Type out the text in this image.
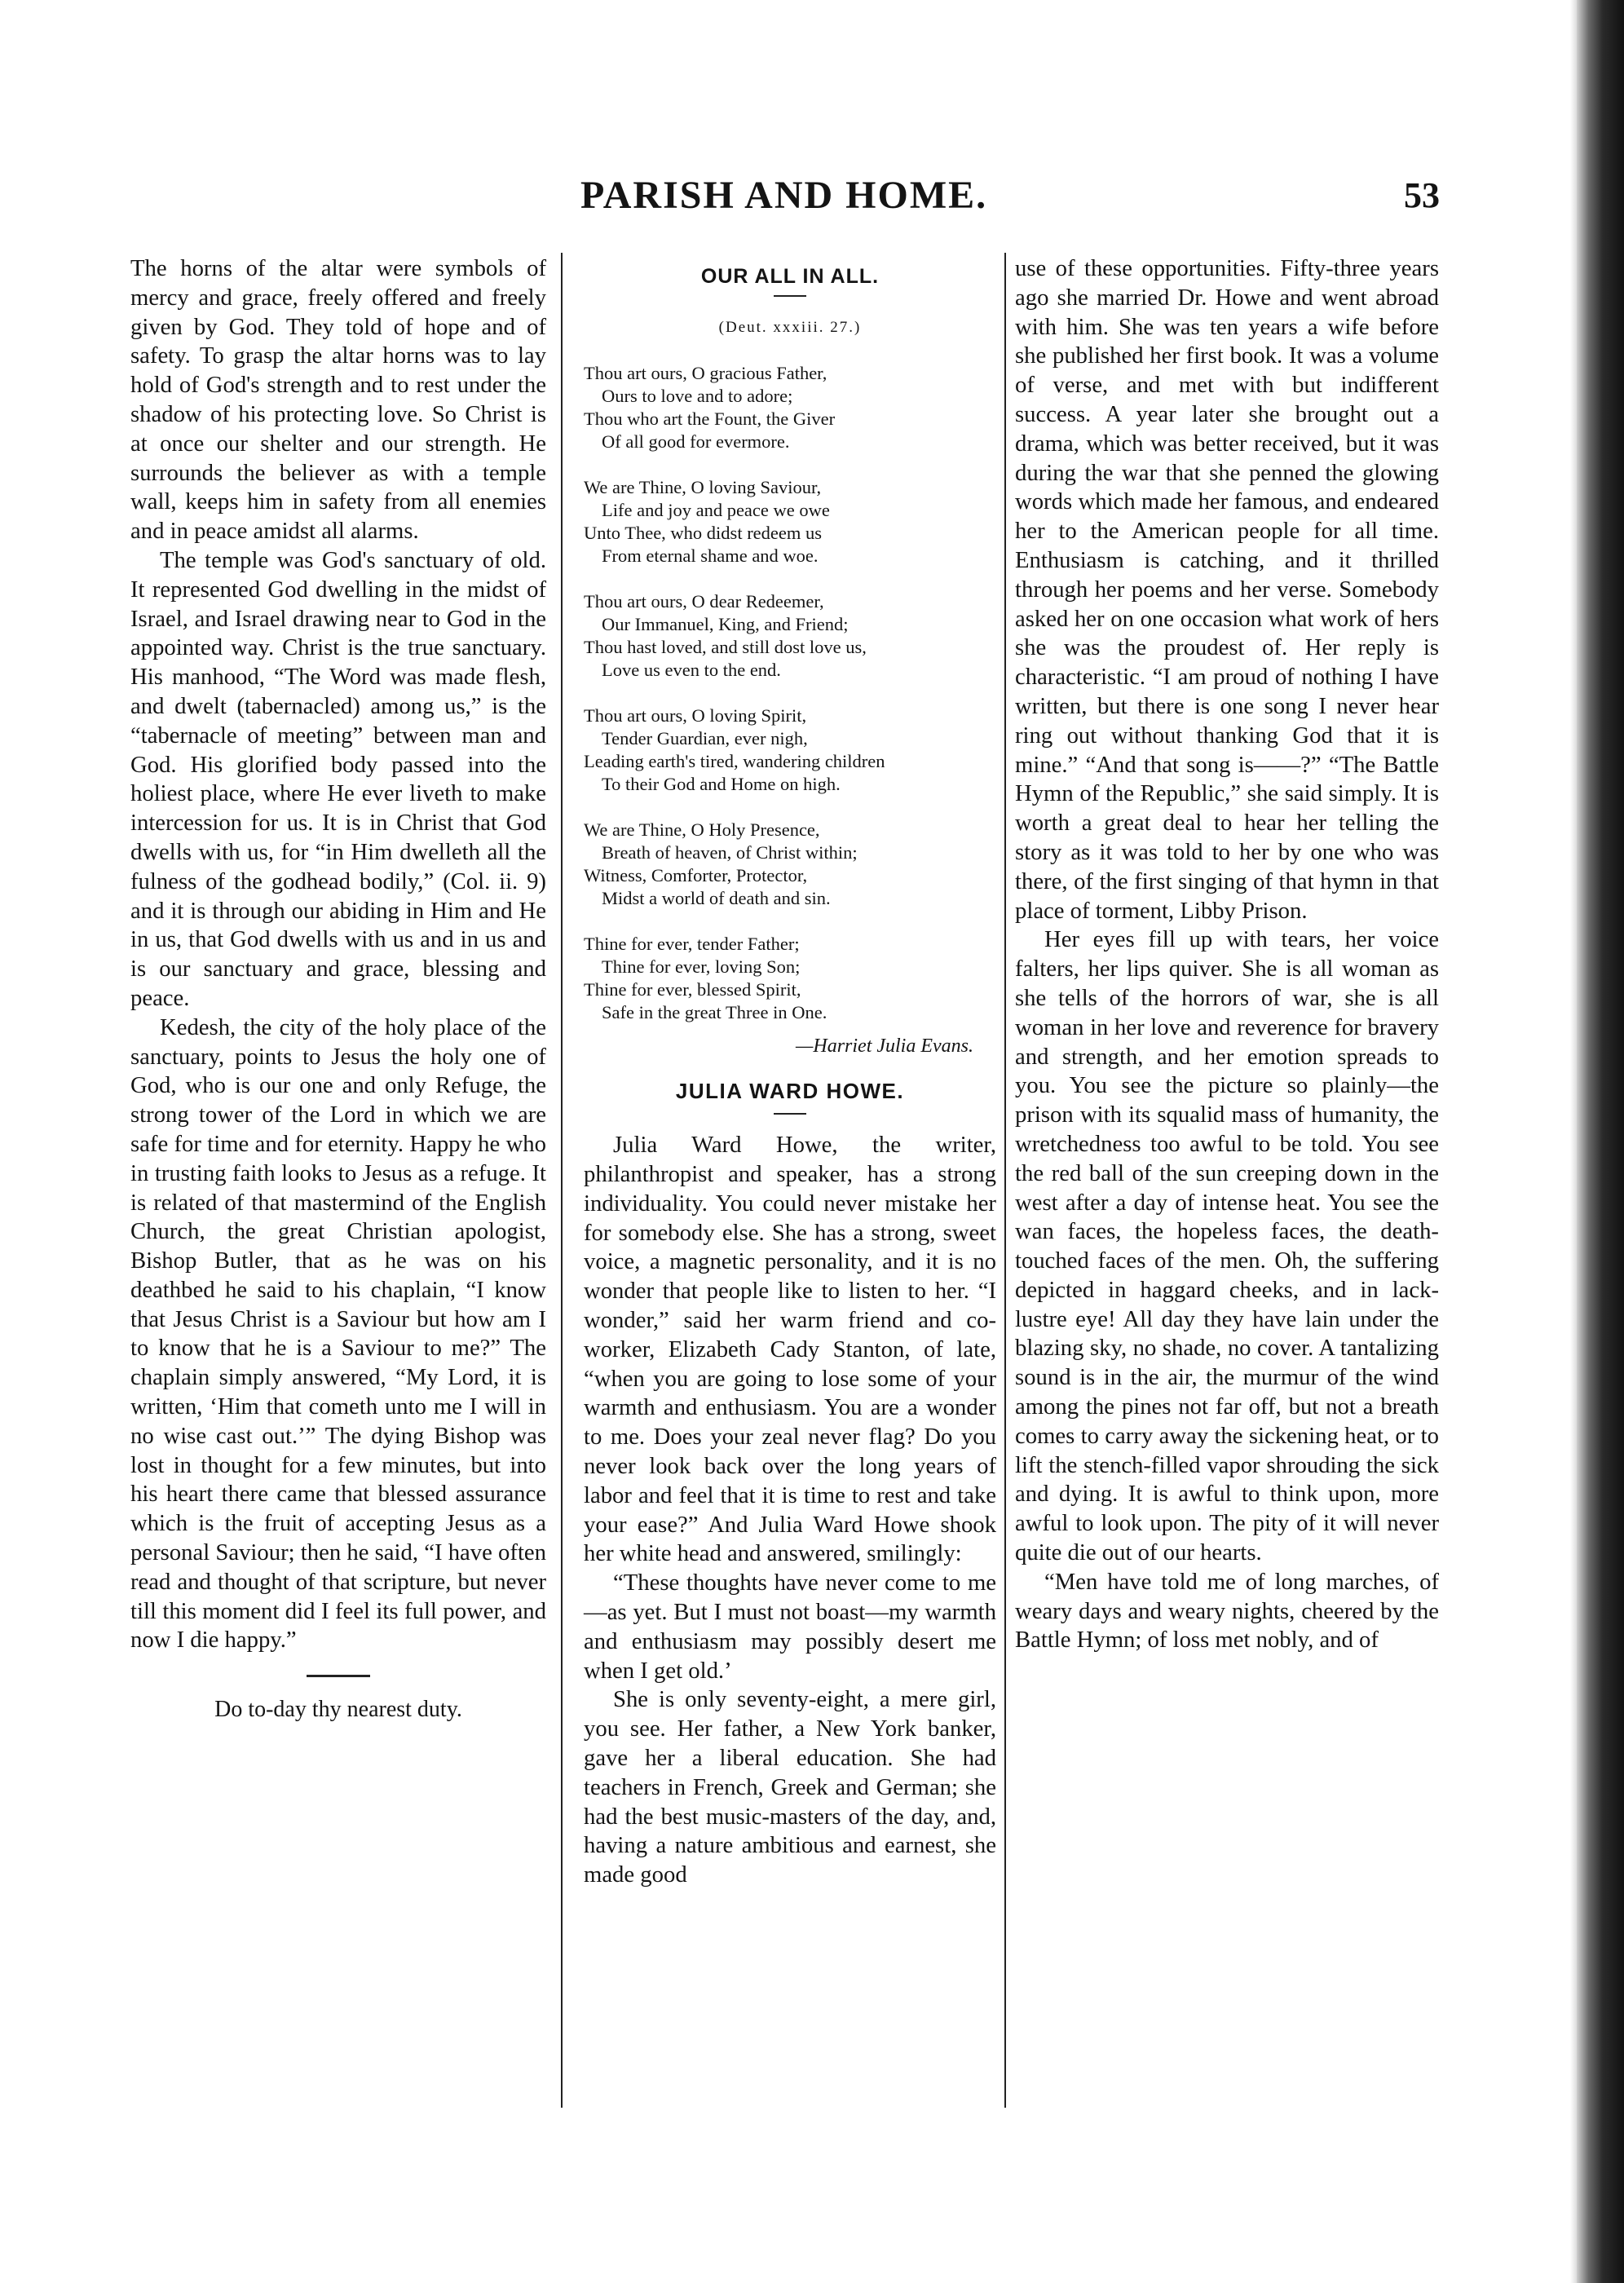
PARISH AND HOME.	53

The horns of the altar were symbols of mercy and grace, freely offered and freely given by God. They told of hope and of safety. To grasp the altar horns was to lay hold of God's strength and to rest under the shadow of his protecting love. So Christ is at once our shelter and our strength. He surrounds the believer as with a temple wall, keeps him in safety from all enemies and in peace amidst all alarms.

The temple was God's sanctuary of old. It represented God dwelling in the midst of Israel, and Israel drawing near to God in the appointed way. Christ is the true sanctuary. His manhood, “The Word was made flesh, and dwelt (tabernacled) among us,” is the “tabernacle of meeting” between man and God. His glorified body passed into the holiest place, where He ever liveth to make intercession for us. It is in Christ that God dwells with us, for “in Him dwelleth all the fulness of the godhead bodily,” (Col. ii. 9) and it is through our abiding in Him and He in us, that God dwells with us and in us and is our sanctuary and grace, blessing and peace.

Kedesh, the city of the holy place of the sanctuary, points to Jesus the holy one of God, who is our one and only Refuge, the strong tower of the Lord in which we are safe for time and for eternity. Happy he who in trusting faith looks to Jesus as a refuge. It is related of that mastermind of the English Church, the great Christian apologist, Bishop Butler, that as he was on his deathbed he said to his chaplain, “I know that Jesus Christ is a Saviour but how am I to know that he is a Saviour to me?” The chaplain simply answered, “My Lord, it is written, ‘Him that cometh unto me I will in no wise cast out.’” The dying Bishop was lost in thought for a few minutes, but into his heart there came that blessed assurance which is the fruit of accepting Jesus as a personal Saviour; then he said, “I have often read and thought of that scripture, but never till this moment did I feel its full power, and now I die happy.”

Do to-day thy nearest duty.
OUR ALL IN ALL.
(Deut. xxxiii. 27.)
Thou art ours, O gracious Father,
Ours to love and to adore;
Thou who art the Fount, the Giver
Of all good for evermore.
We are Thine, O loving Saviour,
Life and joy and peace we owe
Unto Thee, who didst redeem us
From eternal shame and woe.
Thou art ours, O dear Redeemer,
Our Immanuel, King, and Friend;
Thou hast loved, and still dost love us,
Love us even to the end.
Thou art ours, O loving Spirit,
Tender Guardian, ever nigh,
Leading earth's tired, wandering children
To their God and Home on high.
We are Thine, O Holy Presence,
Breath of heaven, of Christ within;
Witness, Comforter, Protector,
Midst a world of death and sin.
Thine for ever, tender Father;
Thine for ever, loving Son;
Thine for ever, blessed Spirit,
Safe in the great Three in One.
—Harriet Julia Evans.
JULIA WARD HOWE.

Julia Ward Howe, the writer, philanthropist and speaker, has a strong individuality. You could never mistake her for somebody else. She has a strong, sweet voice, a magnetic personality, and it is no wonder that people like to listen to her. “I wonder,” said her warm friend and co-worker, Elizabeth Cady Stanton, of late, “when you are going to lose some of your warmth and enthusiasm. You are a wonder to me. Does your zeal never flag? Do you never look back over the long years of labor and feel that it is time to rest and take your ease?” And Julia Ward Howe shook her white head and answered, smilingly:

“These thoughts have never come to me—as yet. But I must not boast—my warmth and enthusiasm may possibly desert me when I get old.’

She is only seventy-eight, a mere girl, you see. Her father, a New York banker, gave her a liberal education. She had teachers in French, Greek and German; she had the best music-masters of the day, and, having a nature ambitious and earnest, she made good

use of these opportunities. Fifty-three years ago she married Dr. Howe and went abroad with him. She was ten years a wife before she published her first book. It was a volume of verse, and met with but indifferent success. A year later she brought out a drama, which was better received, but it was during the war that she penned the glowing words which made her famous, and endeared her to the American people for all time. Enthusiasm is catching, and it thrilled through her poems and her verse. Somebody asked her on one occasion what work of hers she was the proudest of. Her reply is characteristic. “I am proud of nothing I have written, but there is one song I never hear ring out without thanking God that it is mine.” “And that song is——?” “The Battle Hymn of the Republic,” she said simply. It is worth a great deal to hear her telling the story as it was told to her by one who was there, of the first singing of that hymn in that place of torment, Libby Prison.

Her eyes fill up with tears, her voice falters, her lips quiver. She is all woman as she tells of the horrors of war, she is all woman in her love and reverence for bravery and strength, and her emotion spreads to you. You see the picture so plainly—the prison with its squalid mass of humanity, the wretchedness too awful to be told. You see the red ball of the sun creeping down in the west after a day of intense heat. You see the wan faces, the hopeless faces, the death-touched faces of the men. Oh, the suffering depicted in haggard cheeks, and in lack-lustre eye! All day they have lain under the blazing sky, no shade, no cover. A tantalizing sound is in the air, the murmur of the wind among the pines not far off, but not a breath comes to carry away the sickening heat, or to lift the stench-filled vapor shrouding the sick and dying. It is awful to think upon, more awful to look upon. The pity of it will never quite die out of our hearts.

“Men have told me of long marches, of weary days and weary nights, cheered by the Battle Hymn; of loss met nobly, and of
